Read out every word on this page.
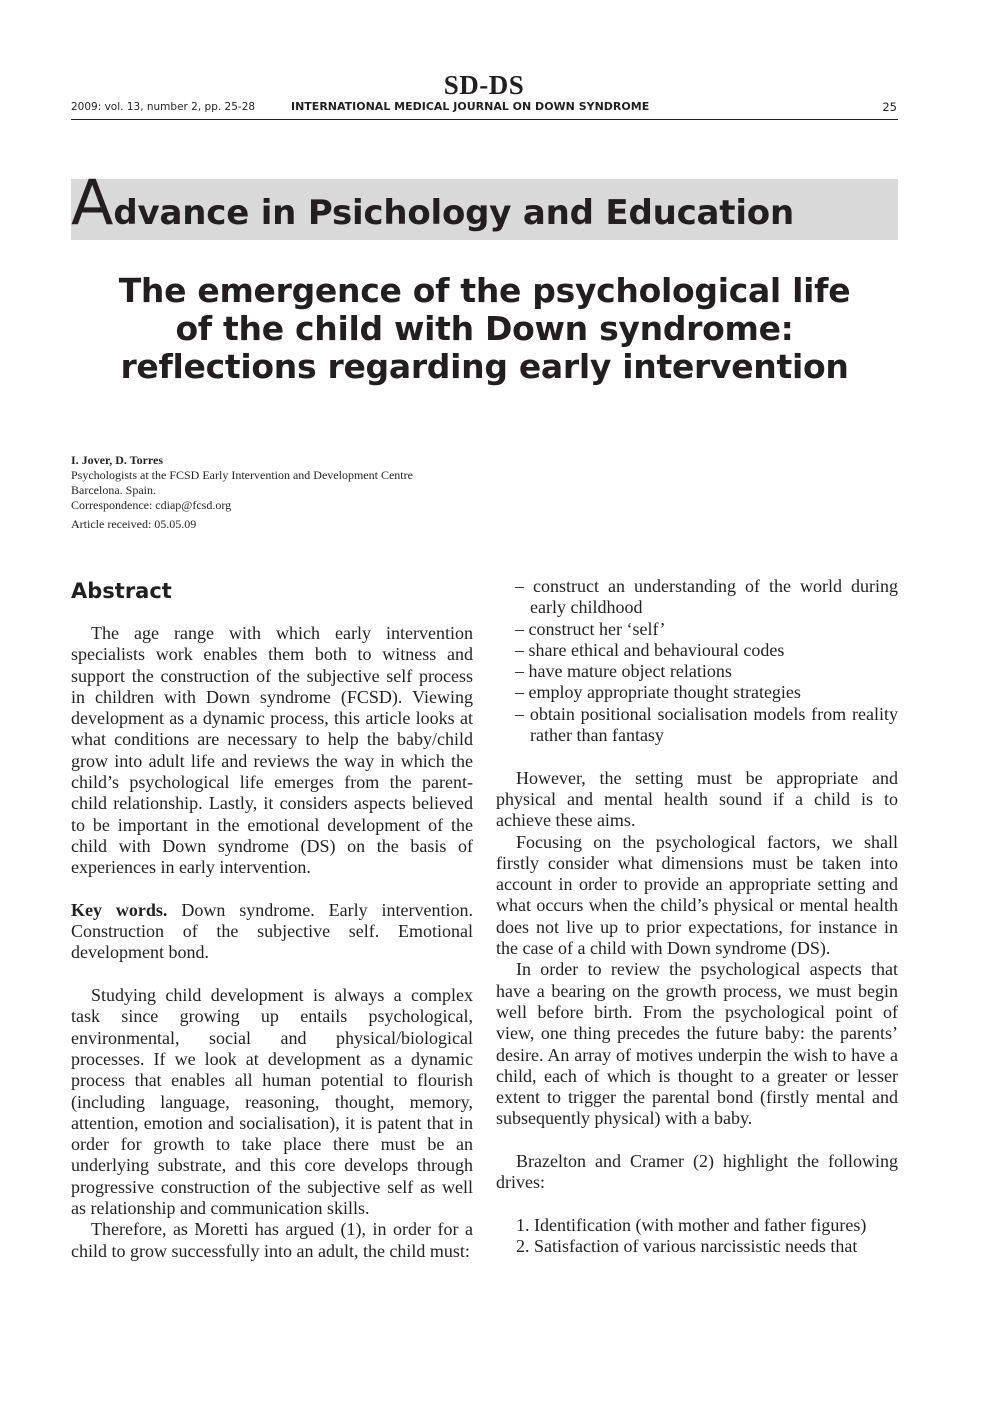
SD-DS
2009: vol. 13, number 2, pp. 25-28	INTERNATIONAL MEDICAL JOURNAL ON DOWN SYNDROME	25
Advance in Psichology and Education
The emergence of the psychological life
of the child with Down syndrome:
reflections regarding early intervention
I. Jover, D. Torres
Psychologists at the FCSD Early Intervention and Development Centre
Barcelona. Spain.
Correspondence: cdiap@fcsd.org
Article received: 05.05.09
Abstract

The age range with which early intervention specialists work enables them both to witness and support the construction of the subjective self process in children with Down syndrome (FCSD). Viewing development as a dynamic process, this article looks at what conditions are necessary to help the baby/child grow into adult life and reviews the way in which the child’s psychological life emerges from the parent-child relationship. Lastly, it considers aspects believed to be important in the emotional development of the child with Down syndrome (DS) on the basis of experiences in early intervention.

Key words. Down syndrome. Early intervention. Construction of the subjective self. Emotional development bond.

Studying child development is always a complex task since growing up entails psychological, environmental, social and physical/biological processes. If we look at development as a dynamic process that enables all human potential to flourish (including language, reasoning, thought, memory, attention, emotion and socialisation), it is patent that in order for growth to take place there must be an underlying substrate, and this core develops through progressive construction of the subjective self as well as relationship and communication skills.

Therefore, as Moretti has argued (1), in order for a child to grow successfully into an adult, the child must:

– construct an understanding of the world during early childhood

– construct her ‘self’

– share ethical and behavioural codes

– have mature object relations

– employ appropriate thought strategies

– obtain positional socialisation models from reality rather than fantasy

However, the setting must be appropriate and physical and mental health sound if a child is to achieve these aims.

Focusing on the psychological factors, we shall firstly consider what dimensions must be taken into account in order to provide an appropriate setting and what occurs when the child’s physical or mental health does not live up to prior expectations, for instance in the case of a child with Down syndrome (DS).

In order to review the psychological aspects that have a bearing on the growth process, we must begin well before birth. From the psychological point of view, one thing precedes the future baby: the parents’ desire. An array of motives underpin the wish to have a child, each of which is thought to a greater or lesser extent to trigger the parental bond (firstly mental and subsequently physical) with a baby.

Brazelton and Cramer (2) highlight the following drives:

1. Identification (with mother and father figures)

2. Satisfaction of various narcissistic needs that
